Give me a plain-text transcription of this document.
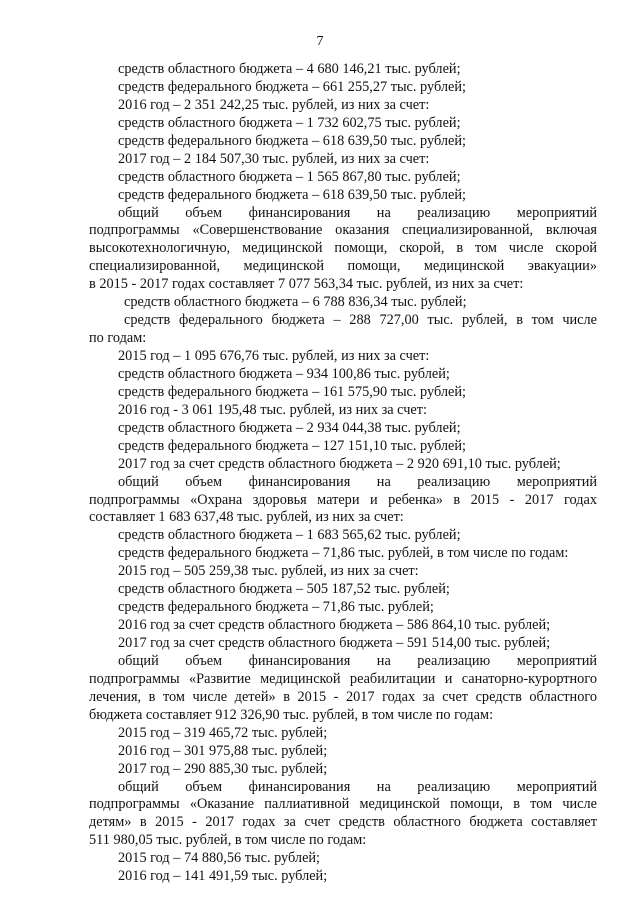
7
средств областного бюджета – 4 680 146,21 тыс. рублей;
средств федерального бюджета – 661 255,27 тыс. рублей;
2016 год – 2 351 242,25 тыс. рублей, из них за счет:
средств областного бюджета – 1 732 602,75 тыс. рублей;
средств федерального бюджета – 618 639,50 тыс. рублей;
2017 год – 2 184 507,30 тыс. рублей, из них за счет:
средств областного бюджета – 1 565 867,80 тыс. рублей;
средств федерального бюджета – 618 639,50 тыс. рублей;
общий объем финансирования на реализацию мероприятий
подпрограммы «Совершенствование оказания специализированной, включая
высокотехнологичную, медицинской помощи, скорой, в том числе скорой
специализированной, медицинской помощи, медицинской эвакуации»
в 2015 - 2017 годах составляет 7 077 563,34 тыс. рублей, из них за счет:
средств областного бюджета – 6 788 836,34 тыс. рублей;
средств федерального бюджета – 288 727,00 тыс. рублей, в том числе
по годам:
2015 год – 1 095 676,76 тыс. рублей, из них за счет:
средств областного бюджета – 934 100,86 тыс. рублей;
средств федерального бюджета – 161 575,90 тыс. рублей;
2016 год - 3 061 195,48 тыс. рублей, из них за счет:
средств областного бюджета – 2 934 044,38 тыс. рублей;
средств федерального бюджета – 127 151,10 тыс. рублей;
2017 год за счет средств областного бюджета – 2 920 691,10 тыс. рублей;
общий объем финансирования на реализацию мероприятий
подпрограммы «Охрана здоровья матери и ребенка» в 2015 - 2017 годах
составляет 1 683 637,48 тыс. рублей, из них за счет:
средств областного бюджета – 1 683 565,62 тыс. рублей;
средств федерального бюджета – 71,86 тыс. рублей, в том числе по годам:
2015 год – 505 259,38 тыс. рублей, из них за счет:
средств областного бюджета – 505 187,52 тыс. рублей;
средств федерального бюджета – 71,86 тыс. рублей;
2016 год за счет средств областного бюджета – 586 864,10 тыс. рублей;
2017 год за счет средств областного бюджета – 591 514,00 тыс. рублей;
общий объем финансирования на реализацию мероприятий
подпрограммы «Развитие медицинской реабилитации и санаторно-курортного
лечения, в том числе детей» в 2015 - 2017 годах за счет средств областного
бюджета составляет 912 326,90 тыс. рублей, в том числе по годам:
2015 год – 319 465,72 тыс. рублей;
2016 год – 301 975,88 тыс. рублей;
2017 год – 290 885,30 тыс. рублей;
общий объем финансирования на реализацию мероприятий
подпрограммы «Оказание паллиативной медицинской помощи, в том числе
детям» в 2015 - 2017 годах за счет средств областного бюджета составляет
511 980,05 тыс. рублей, в том числе по годам:
2015 год – 74 880,56 тыс. рублей;
2016 год – 141 491,59 тыс. рублей;
